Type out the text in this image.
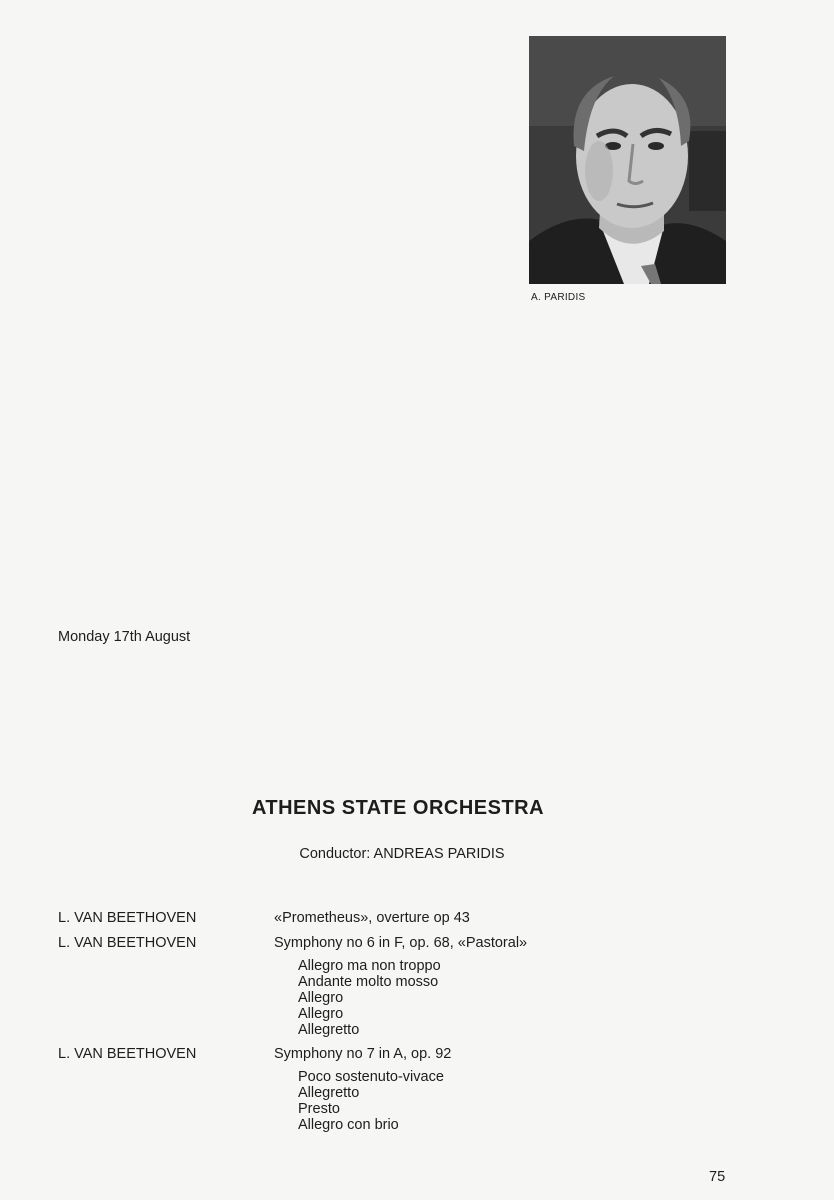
A. PARIDIS
Monday 17th August
ATHENS STATE ORCHESTRA
Conductor: ANDREAS PARIDIS
L. VAN BEETHOVEN	«Prometheus», overture op 43
L. VAN BEETHOVEN	Symphony no 6 in F, op. 68, «Pastoral»
Allegro ma non troppo
Andante molto mosso
Allegro
Allegro
Allegretto
L. VAN BEETHOVEN	Symphony no 7 in A, op. 92
Poco sostenuto-vivace
Allegretto
Presto
Allegro con brio
75
